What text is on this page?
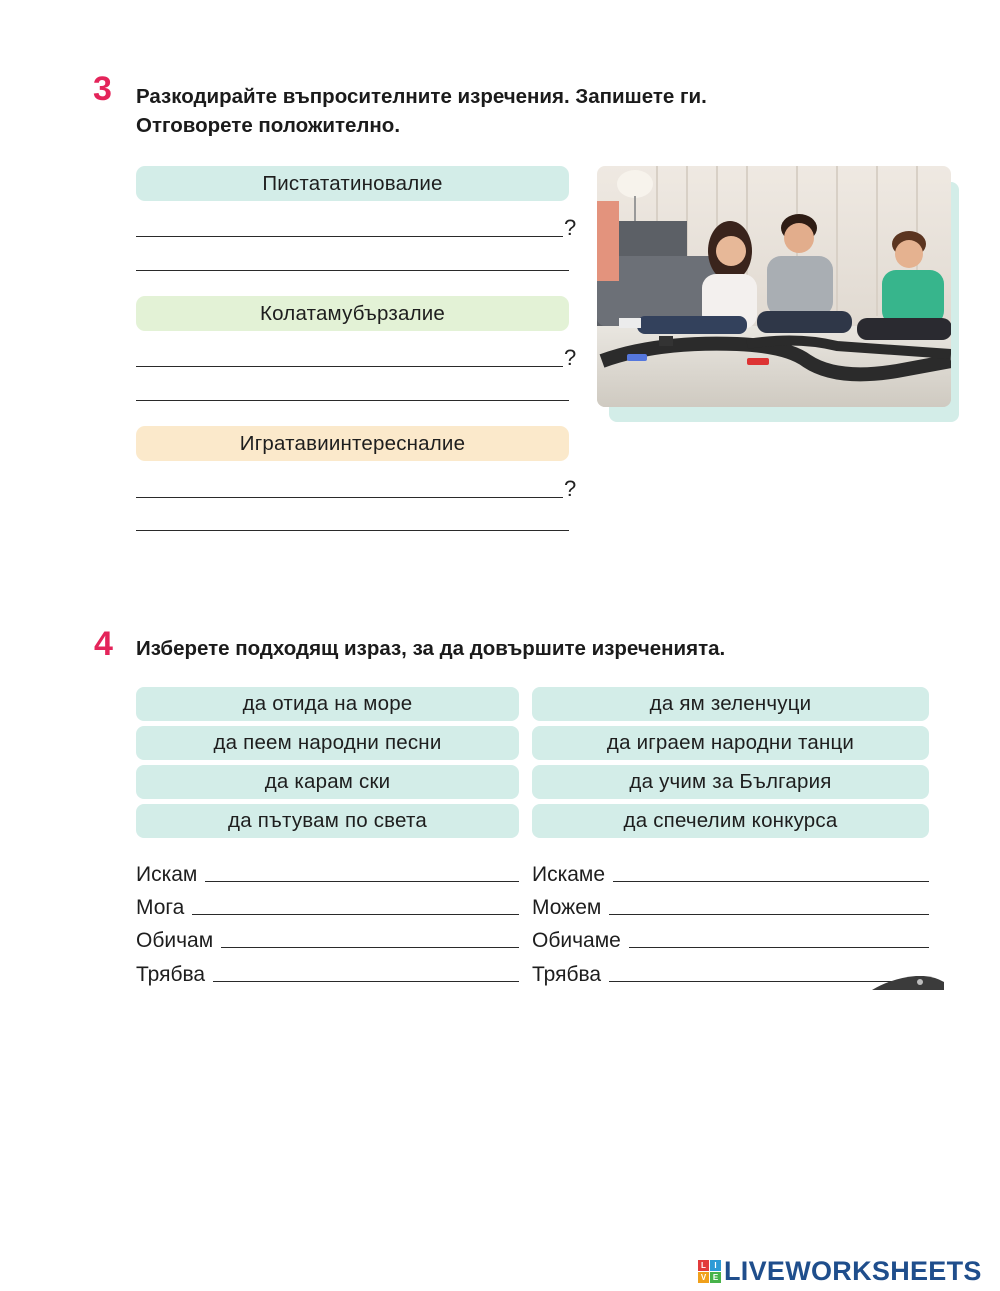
3 Разкодирайте въпросителните изречения. Запишете ги.
Отговорете положително.
Пистататиновалие
?
Колатамубързалие
?
Игратавиинтересналие
?
4 Изберете подходящ израз, за да довършите изреченията.
да отида на море
да пеем народни песни
да карам ски
да пътувам по света
да ям зеленчуци
да играем народни танци
да учим за България
да спечелим конкурса
Искам
Мога
Обичам
Трябва
Искаме
Можем
Обичаме
Трябва
L	I
V E LIVEWORKSHEETS
